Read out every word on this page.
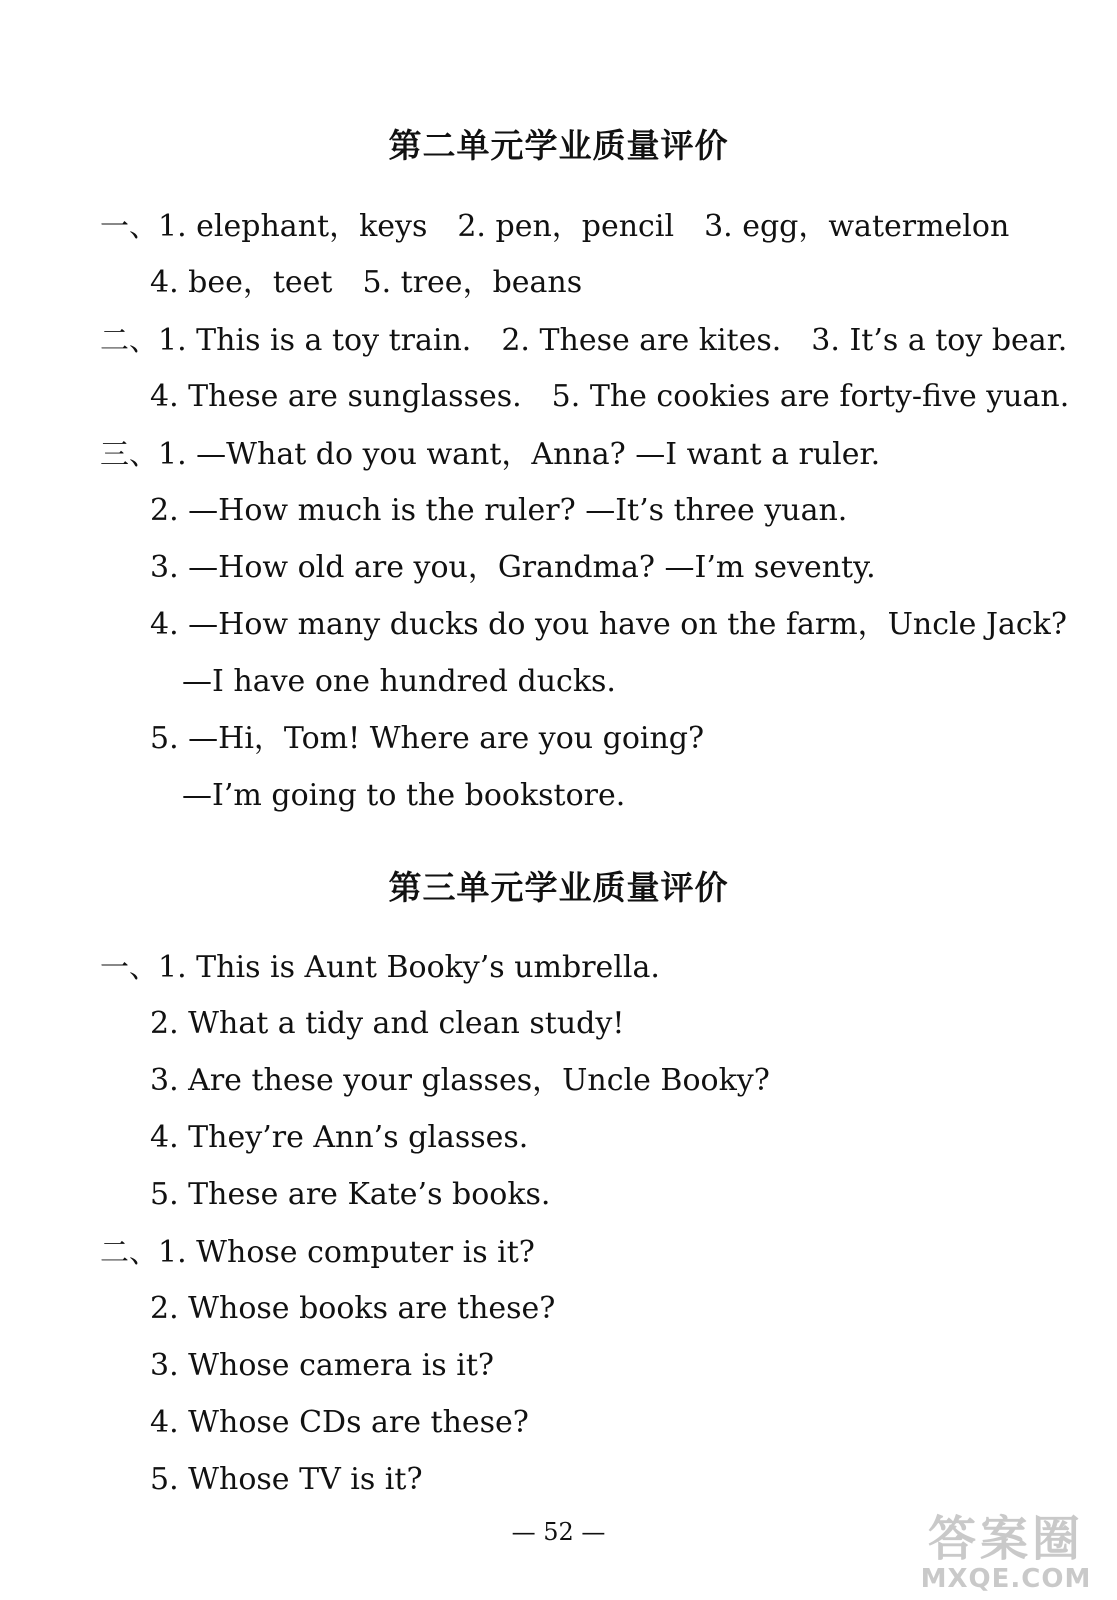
第二单元学业质量评价
一、1. elephant，keys 2. pen，pencil 3. egg，watermelon
4. bee，teet 5. tree，beans
二、1. This is a toy train. 2. These are kites. 3. It’s a toy bear.
4. These are sunglasses. 5. The cookies are forty-five yuan.
三、1. —What do you want，Anna? —I want a ruler.
2. —How much is the ruler? —It’s three yuan.
3. —How old are you，Grandma? —I’m seventy.
4. —How many ducks do you have on the farm，Uncle Jack?
—I have one hundred ducks.
5. —Hi，Tom! Where are you going?
—I’m going to the bookstore.
第三单元学业质量评价
一、1. This is Aunt Booky’s umbrella.
2. What a tidy and clean study!
3. Are these your glasses，Uncle Booky?
4. They’re Ann’s glasses.
5. These are Kate’s books.
二、1. Whose computer is it?
2. Whose books are these?
3. Whose camera is it?
4. Whose CDs are these?
5. Whose TV is it?
— 52 —	答案圈
MXQE.COM
